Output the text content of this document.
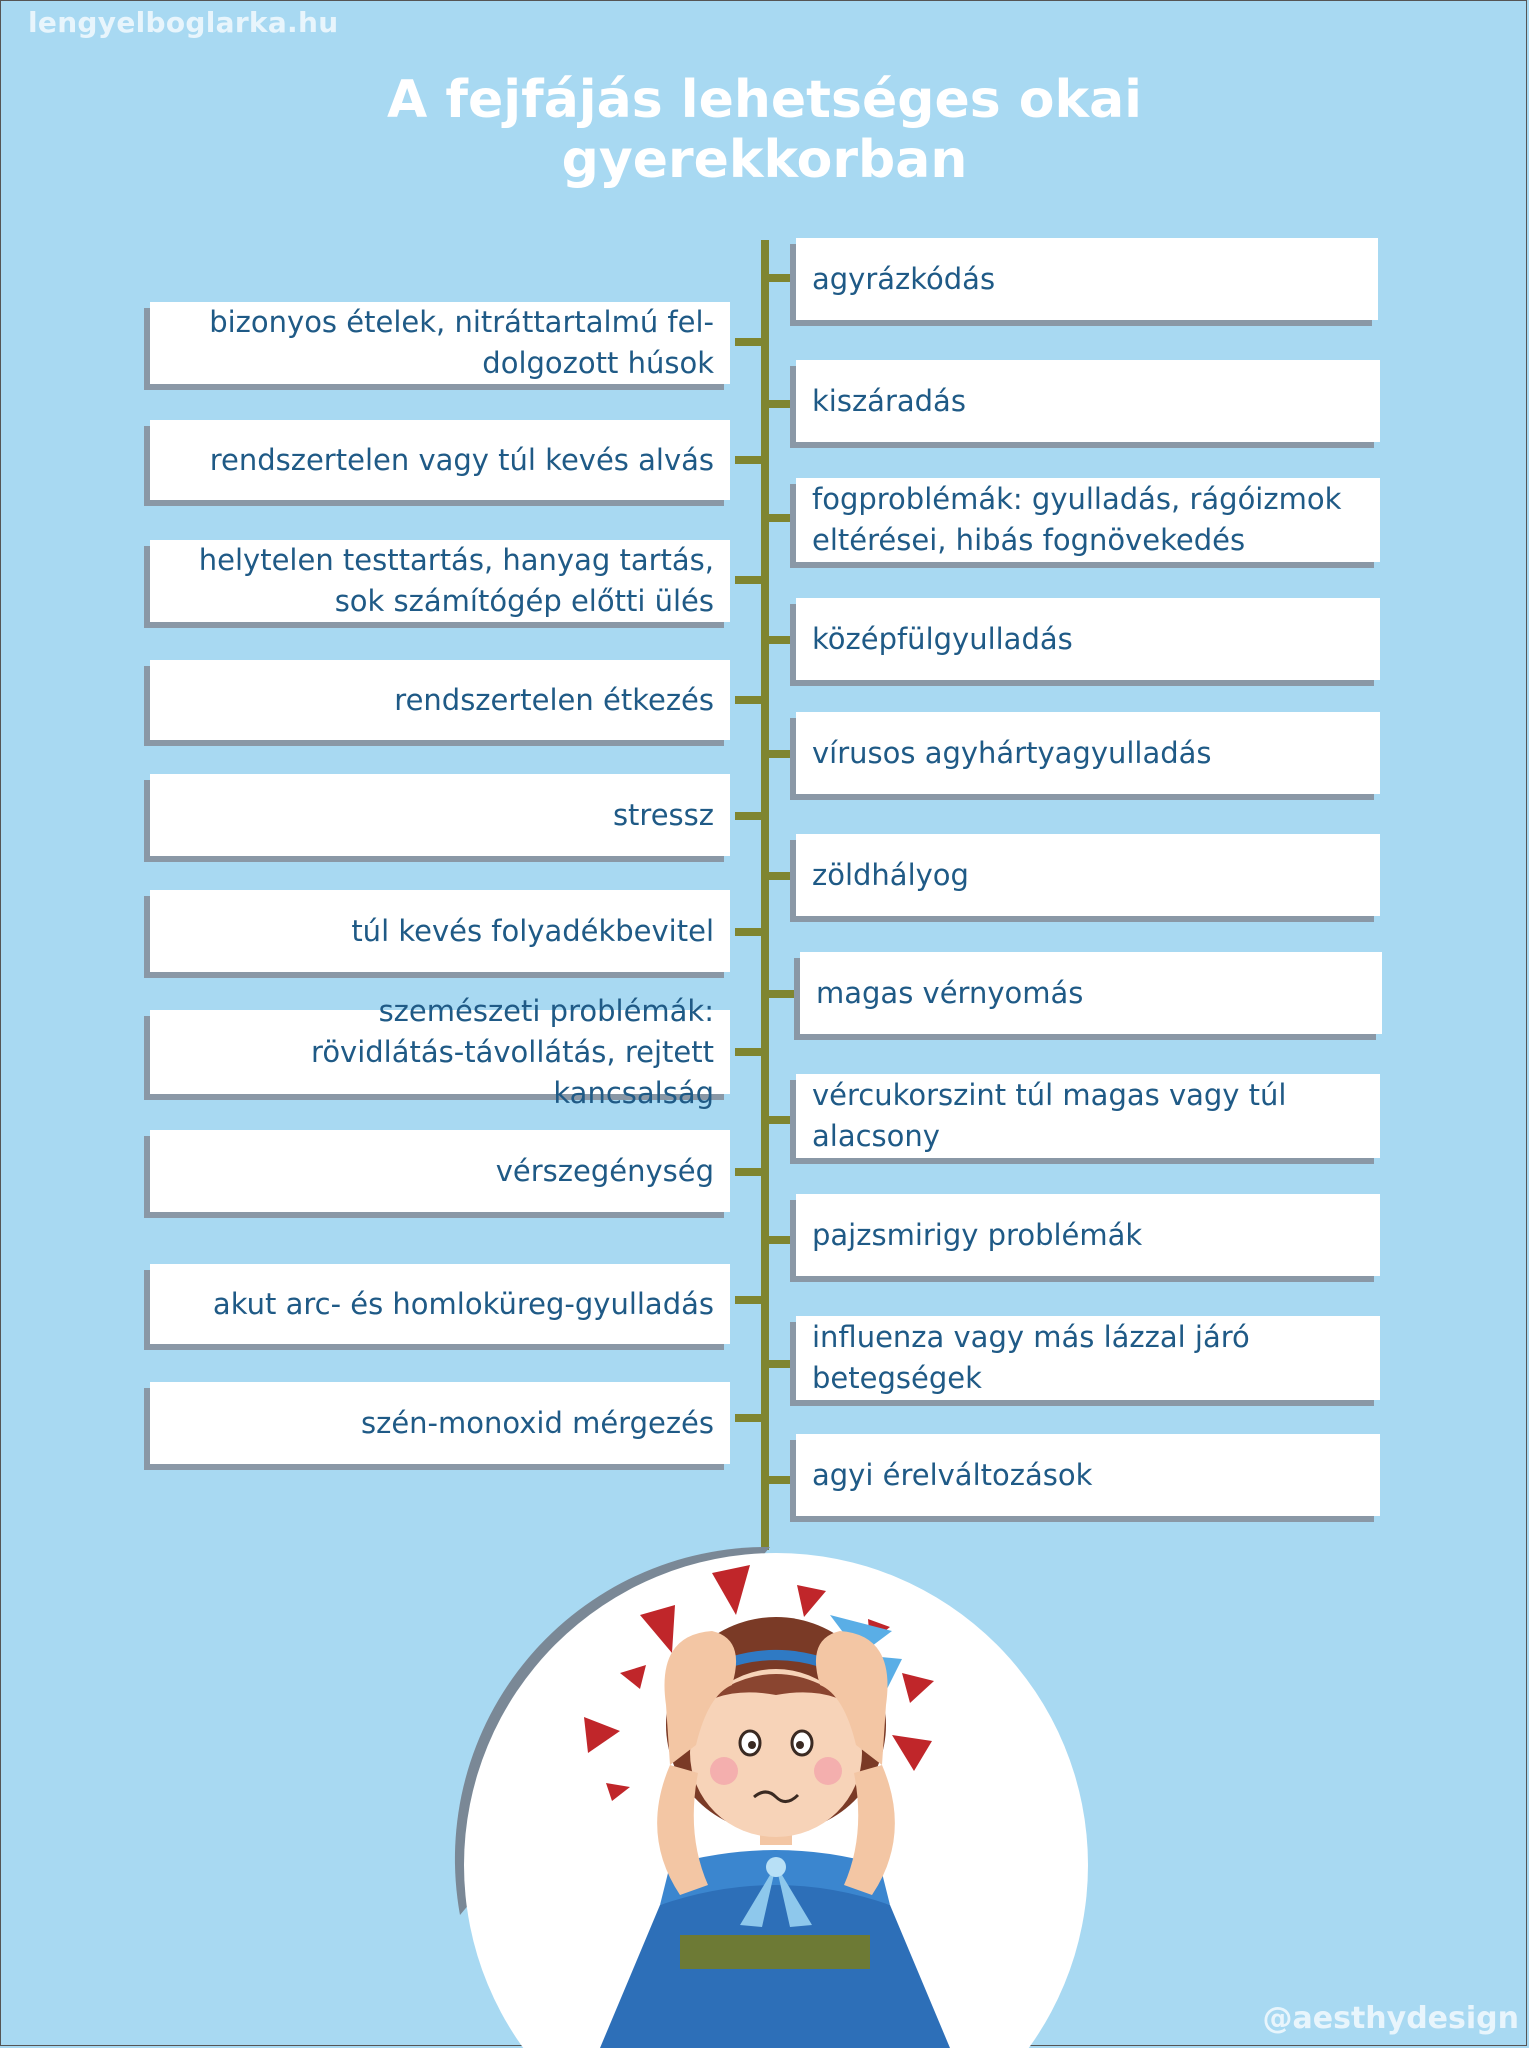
lengyelboglarka.hu
A fejfájás lehetséges okai
gyerekkorban
bizonyos ételek, nitráttartalmú fel-
dolgozott húsok
rendszertelen vagy túl kevés alvás
helytelen testtartás, hanyag tartás,
sok számítógép előtti ülés
rendszertelen étkezés
stressz
túl kevés folyadékbevitel
szemészeti problémák:
rövidlátás-távollátás, rejtett kancsalság
vérszegénység
akut arc- és homloküreg-gyulladás
szén-monoxid mérgezés
agyrázkódás
kiszáradás
fogproblémák: gyulladás, rágóizmok
eltérései, hibás fognövekedés
középfülgyulladás
vírusos agyhártyagyulladás
zöldhályog
magas vérnyomás
vércukorszint túl magas vagy túl
alacsony
pajzsmirigy problémák
influenza vagy más lázzal járó
betegségek
agyi érelváltozások
@aesthydesign
